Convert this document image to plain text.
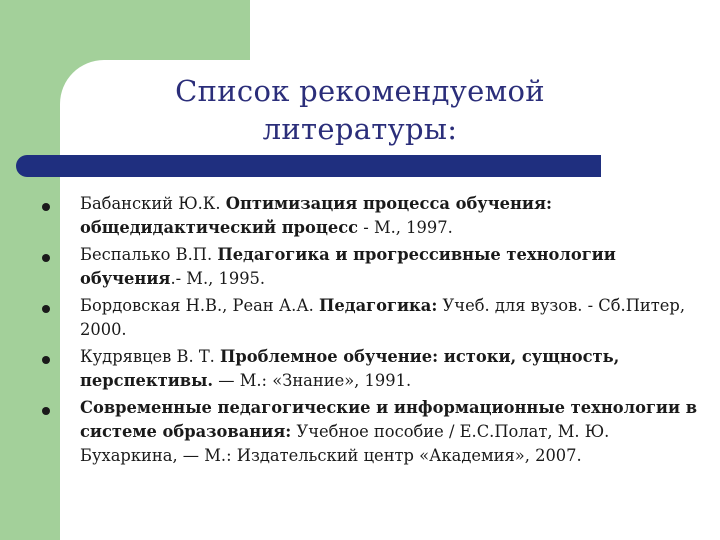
Список рекомендуемой
литературы:
Бабанский Ю.К. Оптимизация процесса обучения: общедидактический процесс - М., 1997.
Беспалько В.П. Педагогика и прогрессивные технологии обучения.- М., 1995.
Бордовская Н.В., Реан А.А. Педагогика: Учеб. для вузов. - Сб.Питер, 2000.
Кудрявцев В. Т. Проблемное обучение: истоки, сущность, перспективы. — М.: «Знание», 1991.
Современные педагогические и информационные технологии в системе образования: Учебное пособие / Е.С.Полат, М. Ю. Бухаркина, — М.: Издательский центр «Академия», 2007.
